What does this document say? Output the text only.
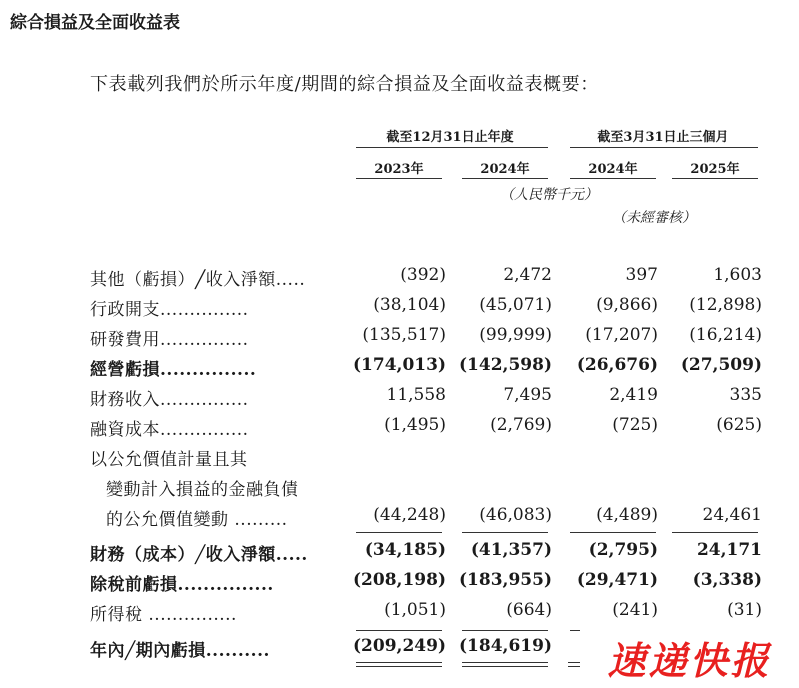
綜合損益及全面收益表
下表載列我們於所示年度/期間的綜合損益及全面收益表概要：
截至12月31日止年度	截至3月31日止三個月
2023年	2024年	2024年	2025年
（人民幣千元）
（未經審核）
其他（虧損）╱收入淨額.....	(392)	2,472	397	1,603
行政開支...............	(38,104)	(45,071)	(9,866)	(12,898)
研發費用...............	(135,517)	(99,999)	(17,207)	(16,214)
經營虧損...............	(174,013) (142,598)	(26,676)	(27,509)
財務收入...............	11,558	7,495	2,419	335
融資成本...............	(1,495)	(2,769)	(725)	(625)
以公允價值計量且其
變動計入損益的金融負債
的公允價值變動 .........	(44,248)	(46,083)	(4,489)	24,461
財務（成本）╱收入淨額.....	(34,185)	(41,357)	(2,795)	24,171
除稅前虧損...............	(208,198) (183,955)	(29,471)	(3,338)
所得稅 ...............	(1,051)	(664)	(241)	(31)
年內╱期內虧損..........	(209,249) (184,619) 速递快报
